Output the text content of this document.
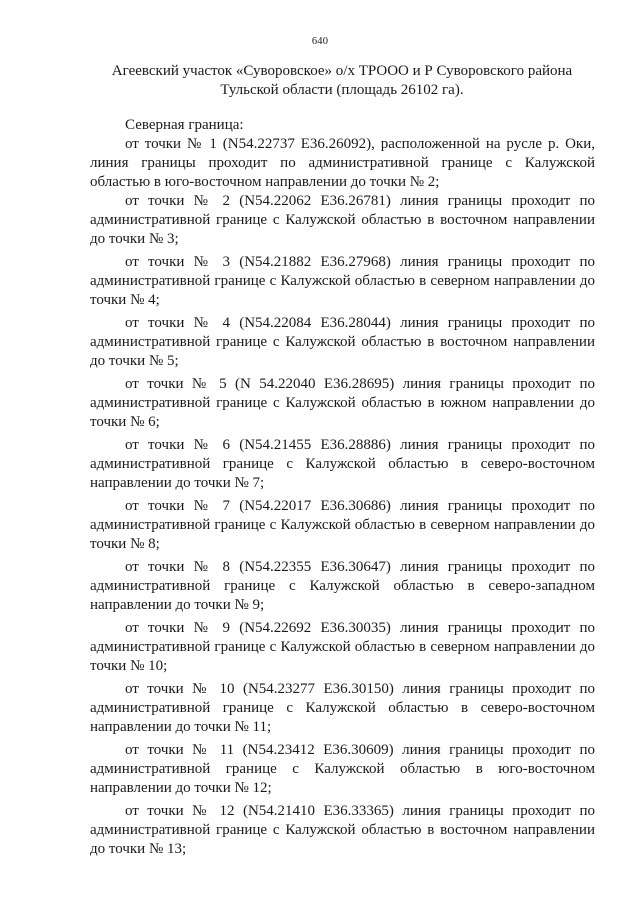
640
Агеевский участок «Суворовское» о/х ТРООО и Р Суворовского района Тульской области (площадь 26102 га).
Северная граница:

от точки № 1 (N54.22737 E36.26092), расположенной на русле р. Оки, линия границы проходит по административной границе с Калужской областью в юго-восточном направлении до точки № 2;

от точки № 2 (N54.22062 E36.26781) линия границы проходит по административной границе с Калужской областью в восточном направлении до точки № 3;

от точки № 3 (N54.21882 E36.27968) линия границы проходит по административной границе с Калужской областью в северном направлении до точки № 4;

от точки № 4 (N54.22084 E36.28044) линия границы проходит по административной границе с Калужской областью в восточном направлении до точки № 5;

от точки № 5 (N 54.22040 E36.28695) линия границы проходит по административной границе с Калужской областью в южном направлении до точки № 6;

от точки № 6 (N54.21455 E36.28886) линия границы проходит по административной границе с Калужской областью в северо-восточном направлении до точки № 7;

от точки № 7 (N54.22017 E36.30686) линия границы проходит по административной границе с Калужской областью в северном направлении до точки № 8;

от точки № 8 (N54.22355 E36.30647) линия границы проходит по административной границе с Калужской областью в северо-западном направлении до точки № 9;

от точки № 9 (N54.22692 E36.30035) линия границы проходит по административной границе с Калужской областью в северном направлении до точки № 10;

от точки № 10 (N54.23277 E36.30150) линия границы проходит по административной границе с Калужской областью в северо-восточном направлении до точки № 11;

от точки № 11 (N54.23412 E36.30609) линия границы проходит по административной границе с Калужской областью в юго-восточном направлении до точки № 12;

от точки № 12 (N54.21410 E36.33365) линия границы проходит по административной границе с Калужской областью в восточном направлении до точки № 13;
